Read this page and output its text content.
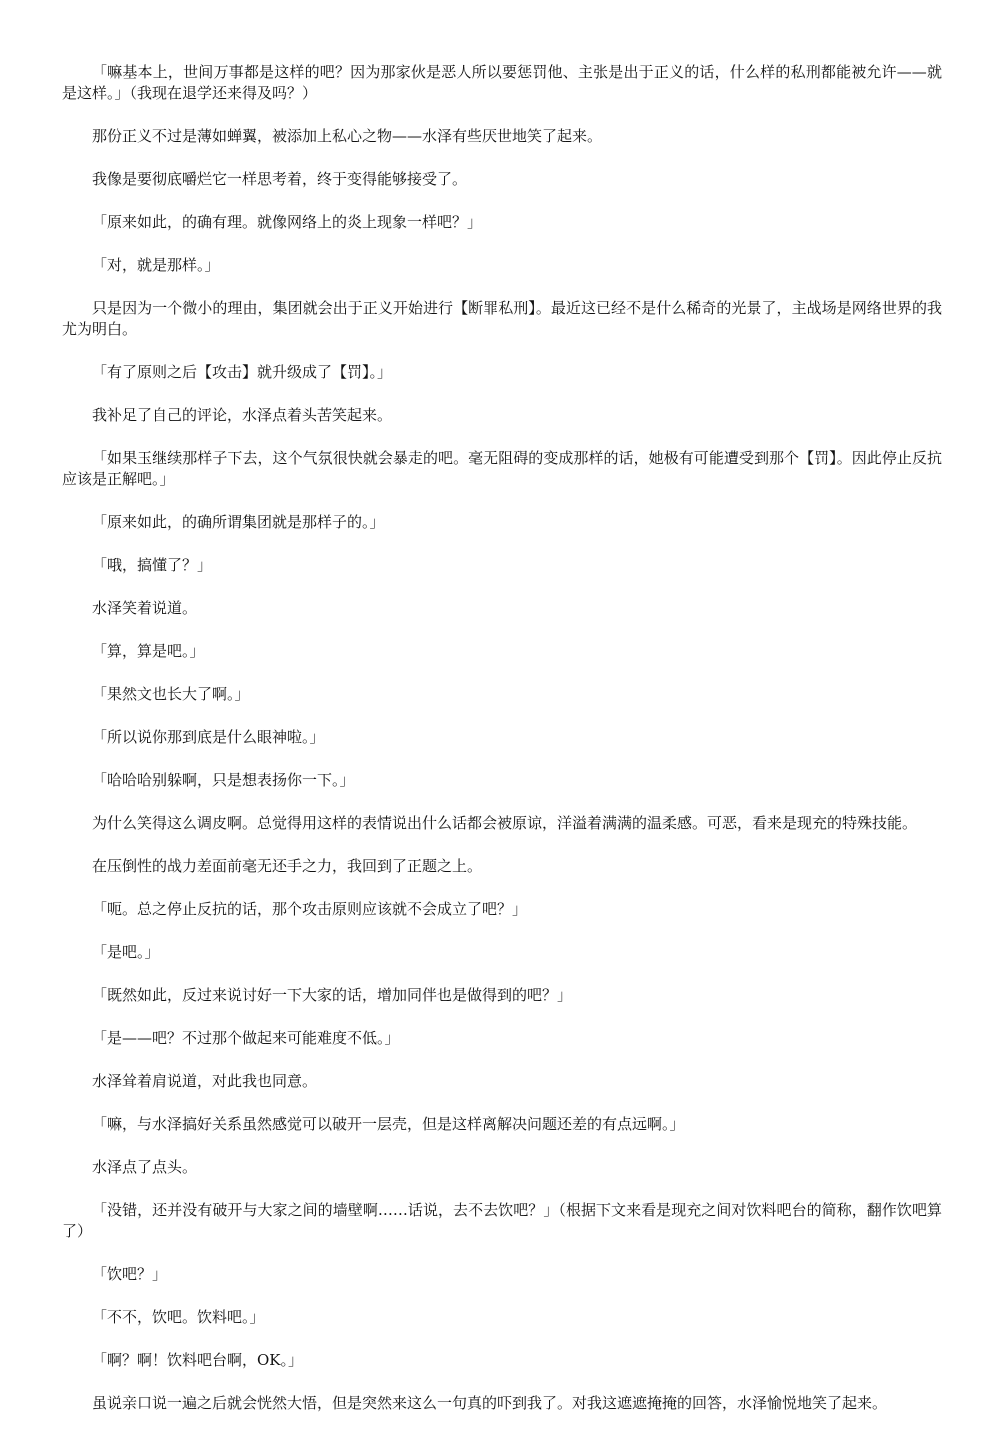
「嘛基本上，世间万事都是这样的吧？因为那家伙是恶人所以要惩罚他、主张是出于正义的话，什么样的私刑都能被允许——就是这样。」（我现在退学还来得及吗？）

那份正义不过是薄如蝉翼，被添加上私心之物——水泽有些厌世地笑了起来。

我像是要彻底嚼烂它一样思考着，终于变得能够接受了。

「原来如此，的确有理。就像网络上的炎上现象一样吧？」

「对，就是那样。」

只是因为一个微小的理由，集团就会出于正义开始进行【断罪私刑】。最近这已经不是什么稀奇的光景了，主战场是网络世界的我尤为明白。

「有了原则之后【攻击】就升级成了【罚】。」

我补足了自己的评论，水泽点着头苦笑起来。

「如果玉继续那样子下去，这个气氛很快就会暴走的吧。毫无阻碍的变成那样的话，她极有可能遭受到那个【罚】。因此停止反抗应该是正解吧。」

「原来如此，的确所谓集团就是那样子的。」

「哦，搞懂了？」

水泽笑着说道。

「算，算是吧。」

「果然文也长大了啊。」

「所以说你那到底是什么眼神啦。」

「哈哈哈别躲啊，只是想表扬你一下。」

为什么笑得这么调皮啊。总觉得用这样的表情说出什么话都会被原谅，洋溢着满满的温柔感。可恶，看来是现充的特殊技能。

在压倒性的战力差面前毫无还手之力，我回到了正题之上。

「呃。总之停止反抗的话，那个攻击原则应该就不会成立了吧？」

「是吧。」

「既然如此，反过来说讨好一下大家的话，增加同伴也是做得到的吧？」

「是——吧？不过那个做起来可能难度不低。」

水泽耸着肩说道，对此我也同意。

「嘛，与水泽搞好关系虽然感觉可以破开一层壳，但是这样离解决问题还差的有点远啊。」

水泽点了点头。

「没错，还并没有破开与大家之间的墙壁啊……话说，去不去饮吧？」（根据下文来看是现充之间对饮料吧台的简称，翻作饮吧算了）

「饮吧？」

「不不，饮吧。饮料吧。」

「啊？啊！饮料吧台啊，OK。」

虽说亲口说一遍之后就会恍然大悟，但是突然来这么一句真的吓到我了。对我这遮遮掩掩的回答，水泽愉悦地笑了起来。
